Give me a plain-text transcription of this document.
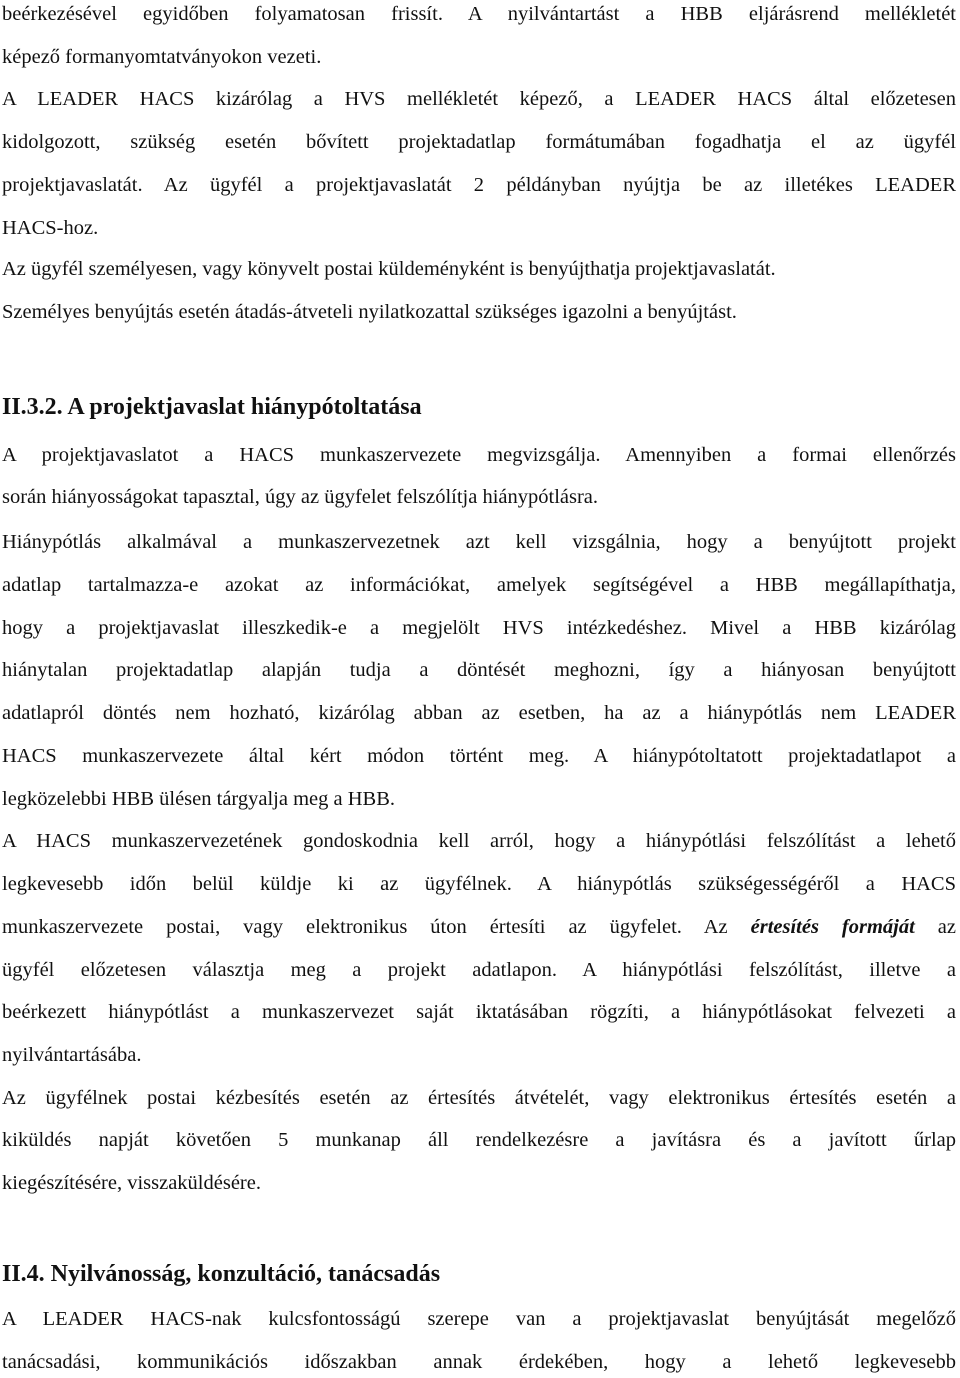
beérkezésével egyidőben folyamatosan frissít. A nyilvántartást a HBB eljárásrend mellékletét
képező formanyomtatványokon vezeti.
A LEADER HACS kizárólag a HVS mellékletét képező, a LEADER HACS által előzetesen
kidolgozott, szükség esetén bővített projektadatlap formátumában fogadhatja el az ügyfél
projektjavaslatát. Az ügyfél a projektjavaslatát 2 példányban nyújtja be az illetékes LEADER
HACS-hoz.
Az ügyfél személyesen, vagy könyvelt postai küldeményként is benyújthatja projektjavaslatát.
Személyes benyújtás esetén átadás-átveteli nyilatkozattal szükséges igazolni a benyújtást.
II.3.2. A projektjavaslat hiánypótoltatása
A projektjavaslatot a HACS munkaszervezete megvizsgálja. Amennyiben a formai ellenőrzés
során hiányosságokat tapasztal, úgy az ügyfelet felszólítja hiánypótlásra.
Hiánypótlás alkalmával a munkaszervezetnek azt kell vizsgálnia, hogy a benyújtott projekt
adatlap tartalmazza-e azokat az információkat, amelyek segítségével a HBB megállapíthatja,
hogy a projektjavaslat illeszkedik-e a megjelölt HVS intézkedéshez. Mivel a HBB kizárólag
hiánytalan projektadatlap alapján tudja a döntését meghozni, így a hiányosan benyújtott
adatlapról döntés nem hozható, kizárólag abban az esetben, ha az a hiánypótlás nem LEADER
HACS munkaszervezete által kért módon történt meg. A hiánypótoltatott projektadatlapot a
legközelebbi HBB ülésen tárgyalja meg a HBB.
A HACS munkaszervezetének gondoskodnia kell arról, hogy a hiánypótlási felszólítást a lehető
legkevesebb időn belül küldje ki az ügyfélnek. A hiánypótlás szükségességéről a HACS
munkaszervezete postai, vagy elektronikus úton értesíti az ügyfelet. Az értesítés formáját az
ügyfél előzetesen választja meg a projekt adatlapon. A hiánypótlási felszólítást, illetve a
beérkezett hiánypótlást a munkaszervezet saját iktatásában rögzíti, a hiánypótlásokat felvezeti a
nyilvántartásába.
Az ügyfélnek postai kézbesítés esetén az értesítés átvételét, vagy elektronikus értesítés esetén a
kiküldés napját követően 5 munkanap áll rendelkezésre a javításra és a javított űrlap
kiegészítésére, visszaküldésére.
II.4. Nyilvánosság, konzultáció, tanácsadás
A LEADER HACS-nak kulcsfontosságú szerepe van a projektjavaslat benyújtását megelőző
tanácsadási, kommunikációs időszakban annak érdekében, hogy a lehető legkevesebb
